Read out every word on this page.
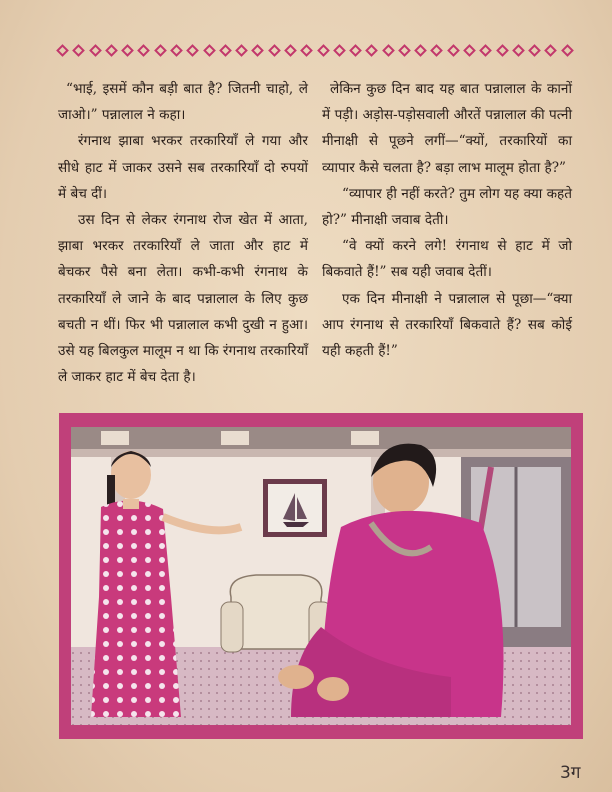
“भाई, इसमें कौन बड़ी बात है? जितनी चाहो, ले जाओ।” पन्नालाल ने कहा।

रंगनाथ झाबा भरकर तरकारियाँ ले गया और सीधे हाट में जाकर उसने सब तरकारियाँ दो रुपयों में बेच दीं।

उस दिन से लेकर रंगनाथ रोज खेत में आता, झाबा भरकर तरकारियाँ ले जाता और हाट में बेचकर पैसे बना लेता। कभी-कभी रंगनाथ के तरकारियाँ ले जाने के बाद पन्नालाल के लिए कुछ बचती न थीं। फिर भी पन्नालाल कभी दुखी न हुआ। उसे यह बिलकुल मालूम न था कि रंगनाथ तरकारियाँ ले जाकर हाट में बेच देता है।

लेकिन कुछ दिन बाद यह बात पन्नालाल के कानों में पड़ी। अड़ोस-पड़ोसवाली औरतें पन्नालाल की पत्नी मीनाक्षी से पूछने लगीं—“क्यों, तरकारियों का व्यापार कैसे चलता है? बड़ा लाभ मालूम होता है?”

“व्यापार ही नहीं करते? तुम लोग यह क्या कहते हो?” मीनाक्षी जवाब देती।

“वे क्यों करने लगे! रंगनाथ से हाट में जो बिकवाते हैं!” सब यही जवाब देतीं।

एक दिन मीनाक्षी ने पन्नालाल से पूछा—“क्या आप रंगनाथ से तरकारियाँ बिकवाते हैं? सब कोई यही कहती हैं!”

3ग
